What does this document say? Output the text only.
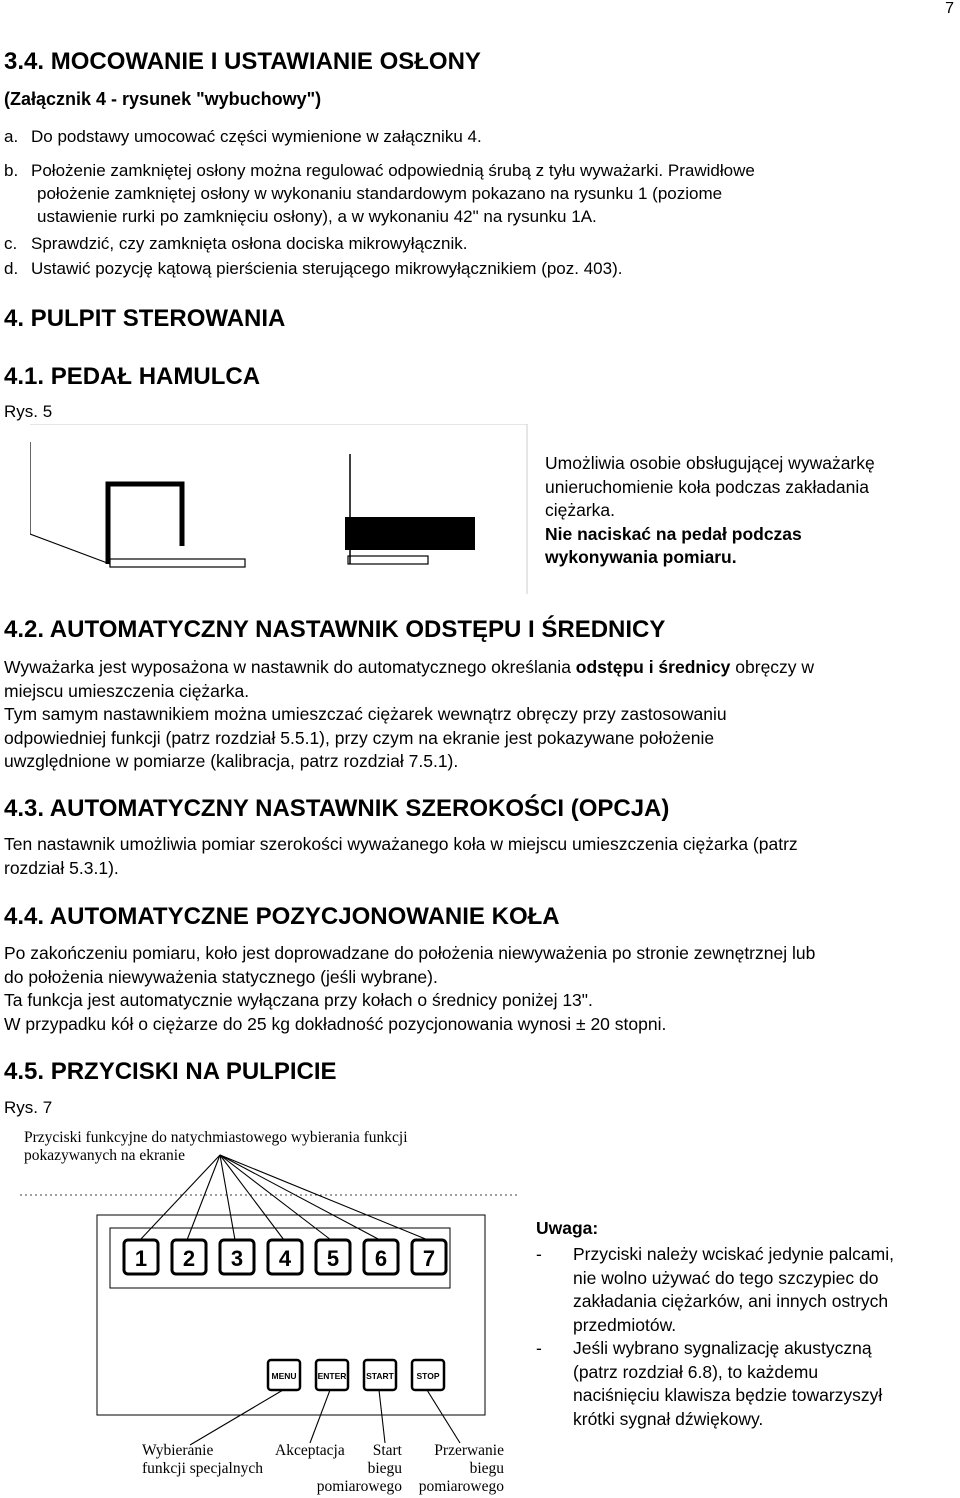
7
3.4. MOCOWANIE I USTAWIANIE OSŁONY
(Załącznik 4 - rysunek "wybuchowy")
a. Do podstawy umocować części wymienione w załączniku 4.
b. Położenie zamkniętej osłony można regulować odpowiednią śrubą z tyłu wyważarki. Prawidłowe
położenie zamkniętej osłony w wykonaniu standardowym pokazano na rysunku 1 (poziome
ustawienie rurki po zamknięciu osłony), a w wykonaniu 42" na rysunku 1A.
c. Sprawdzić, czy zamknięta osłona dociska mikrowyłącznik.
d. Ustawić pozycję kątową pierścienia sterującego mikrowyłącznikiem (poz. 403).
4. PULPIT STEROWANIA
4.1. PEDAŁ HAMULCA
Rys. 5
Umożliwia osobie obsługującej wyważarkę
unieruchomienie koła podczas zakładania
ciężarka.
Nie naciskać na pedał podczas
wykonywania pomiaru.
4.2. AUTOMATYCZNY NASTAWNIK ODSTĘPU I ŚREDNICY
Wyważarka jest wyposażona w nastawnik do automatycznego określania odstępu i średnicy obręczy w
miejscu umieszczenia ciężarka.
Tym samym nastawnikiem można umieszczać ciężarek wewnątrz obręczy przy zastosowaniu
odpowiedniej funkcji (patrz rozdział 5.5.1), przy czym na ekranie jest pokazywane położenie
uwzględnione w pomiarze (kalibracja, patrz rozdział 7.5.1).
4.3. AUTOMATYCZNY NASTAWNIK SZEROKOŚCI (OPCJA)
Ten nastawnik umożliwia pomiar szerokości wyważanego koła w miejscu umieszczenia ciężarka (patrz
rozdział 5.3.1).
4.4. AUTOMATYCZNE POZYCJONOWANIE KOŁA
Po zakończeniu pomiaru, koło jest doprowadzane do położenia niewyważenia po stronie zewnętrznej lub
do położenia niewyważenia statycznego (jeśli wybrane).
Ta funkcja jest automatycznie wyłączana przy kołach o średnicy poniżej 13".
W przypadku kół o ciężarze do 25 kg dokładność pozycjonowania wynosi ± 20 stopni.
4.5. PRZYCISKI NA PULPICIE
Rys. 7
Przyciski funkcyjne do natychmiastowego wybierania funkcji
pokazywanych na ekranie
1 2 3 4 5 6 7
MENU ENTER START	STOP
Wybieranie
funkcji specjalnych
Akceptacja	Start
biegu
pomiarowego
Przerwanie
biegu
pomiarowego
Uwaga:
- Przyciski należy wciskać jedynie palcami,
nie wolno używać do tego szczypiec do
zakładania ciężarków, ani innych ostrych
przedmiotów.
- Jeśli wybrano sygnalizację akustyczną
(patrz rozdział 6.8), to każdemu
naciśnięciu klawisza będzie towarzyszył
krótki sygnał dźwiękowy.
